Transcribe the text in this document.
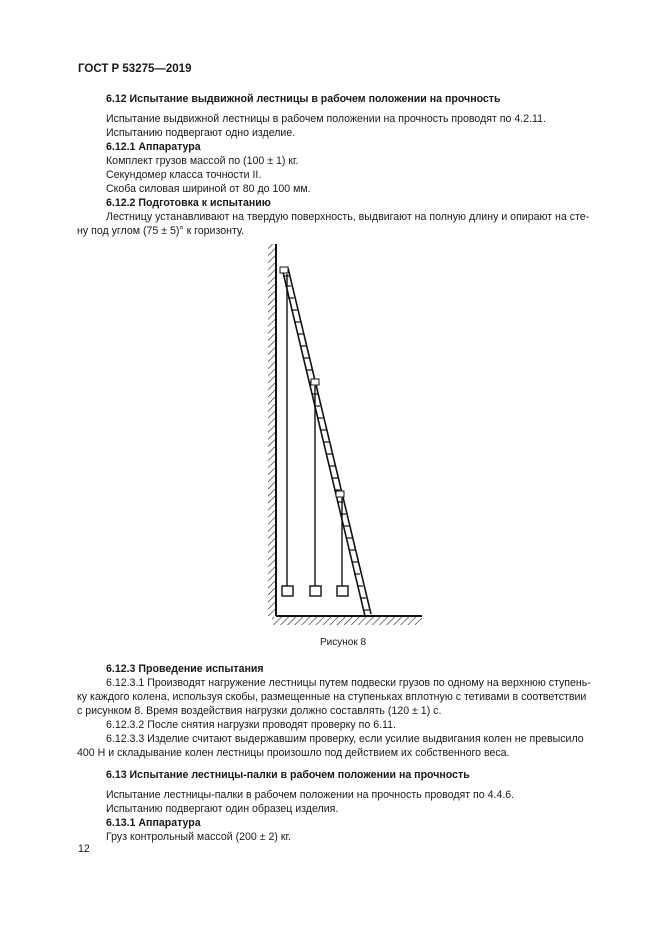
ГОСТ Р 53275—2019
6.12 Испытание выдвижной лестницы в рабочем положении на прочность
Испытание выдвижной лестницы в рабочем положении на прочность проводят по 4.2.11.
Испытанию подвергают одно изделие.
6.12.1 Аппаратура
Комплект грузов массой по (100 ± 1) кг.
Секундомер класса точности II.
Скоба силовая шириной от 80 до 100 мм.
6.12.2 Подготовка к испытанию
Лестницу устанавливают на твердую поверхность, выдвигают на полную длину и опирают на сте-
ну под углом (75 ± 5)° к горизонту.
Рисунок 8
6.12.3 Проведение испытания
6.12.3.1 Производят нагружение лестницы путем подвески грузов по одному на верхнюю ступень-
ку каждого колена, используя скобы, размещенные на ступеньках вплотную с тетивами в соответствии
с рисунком 8. Время воздействия нагрузки должно составлять (120 ± 1) с.
6.12.3.2 После снятия нагрузки проводят проверку по 6.11.
6.12.3.3 Изделие считают выдержавшим проверку, если усилие выдвигания колен не превысило
400 Н и складывание колен лестницы произошло под действием их собственного веса.
6.13 Испытание лестницы-палки в рабочем положении на прочность
Испытание лестницы-палки в рабочем положении на прочность проводят по 4.4.6.
Испытанию подвергают один образец изделия.
6.13.1 Аппаратура
Груз контрольный массой (200 ± 2) кг.
12
